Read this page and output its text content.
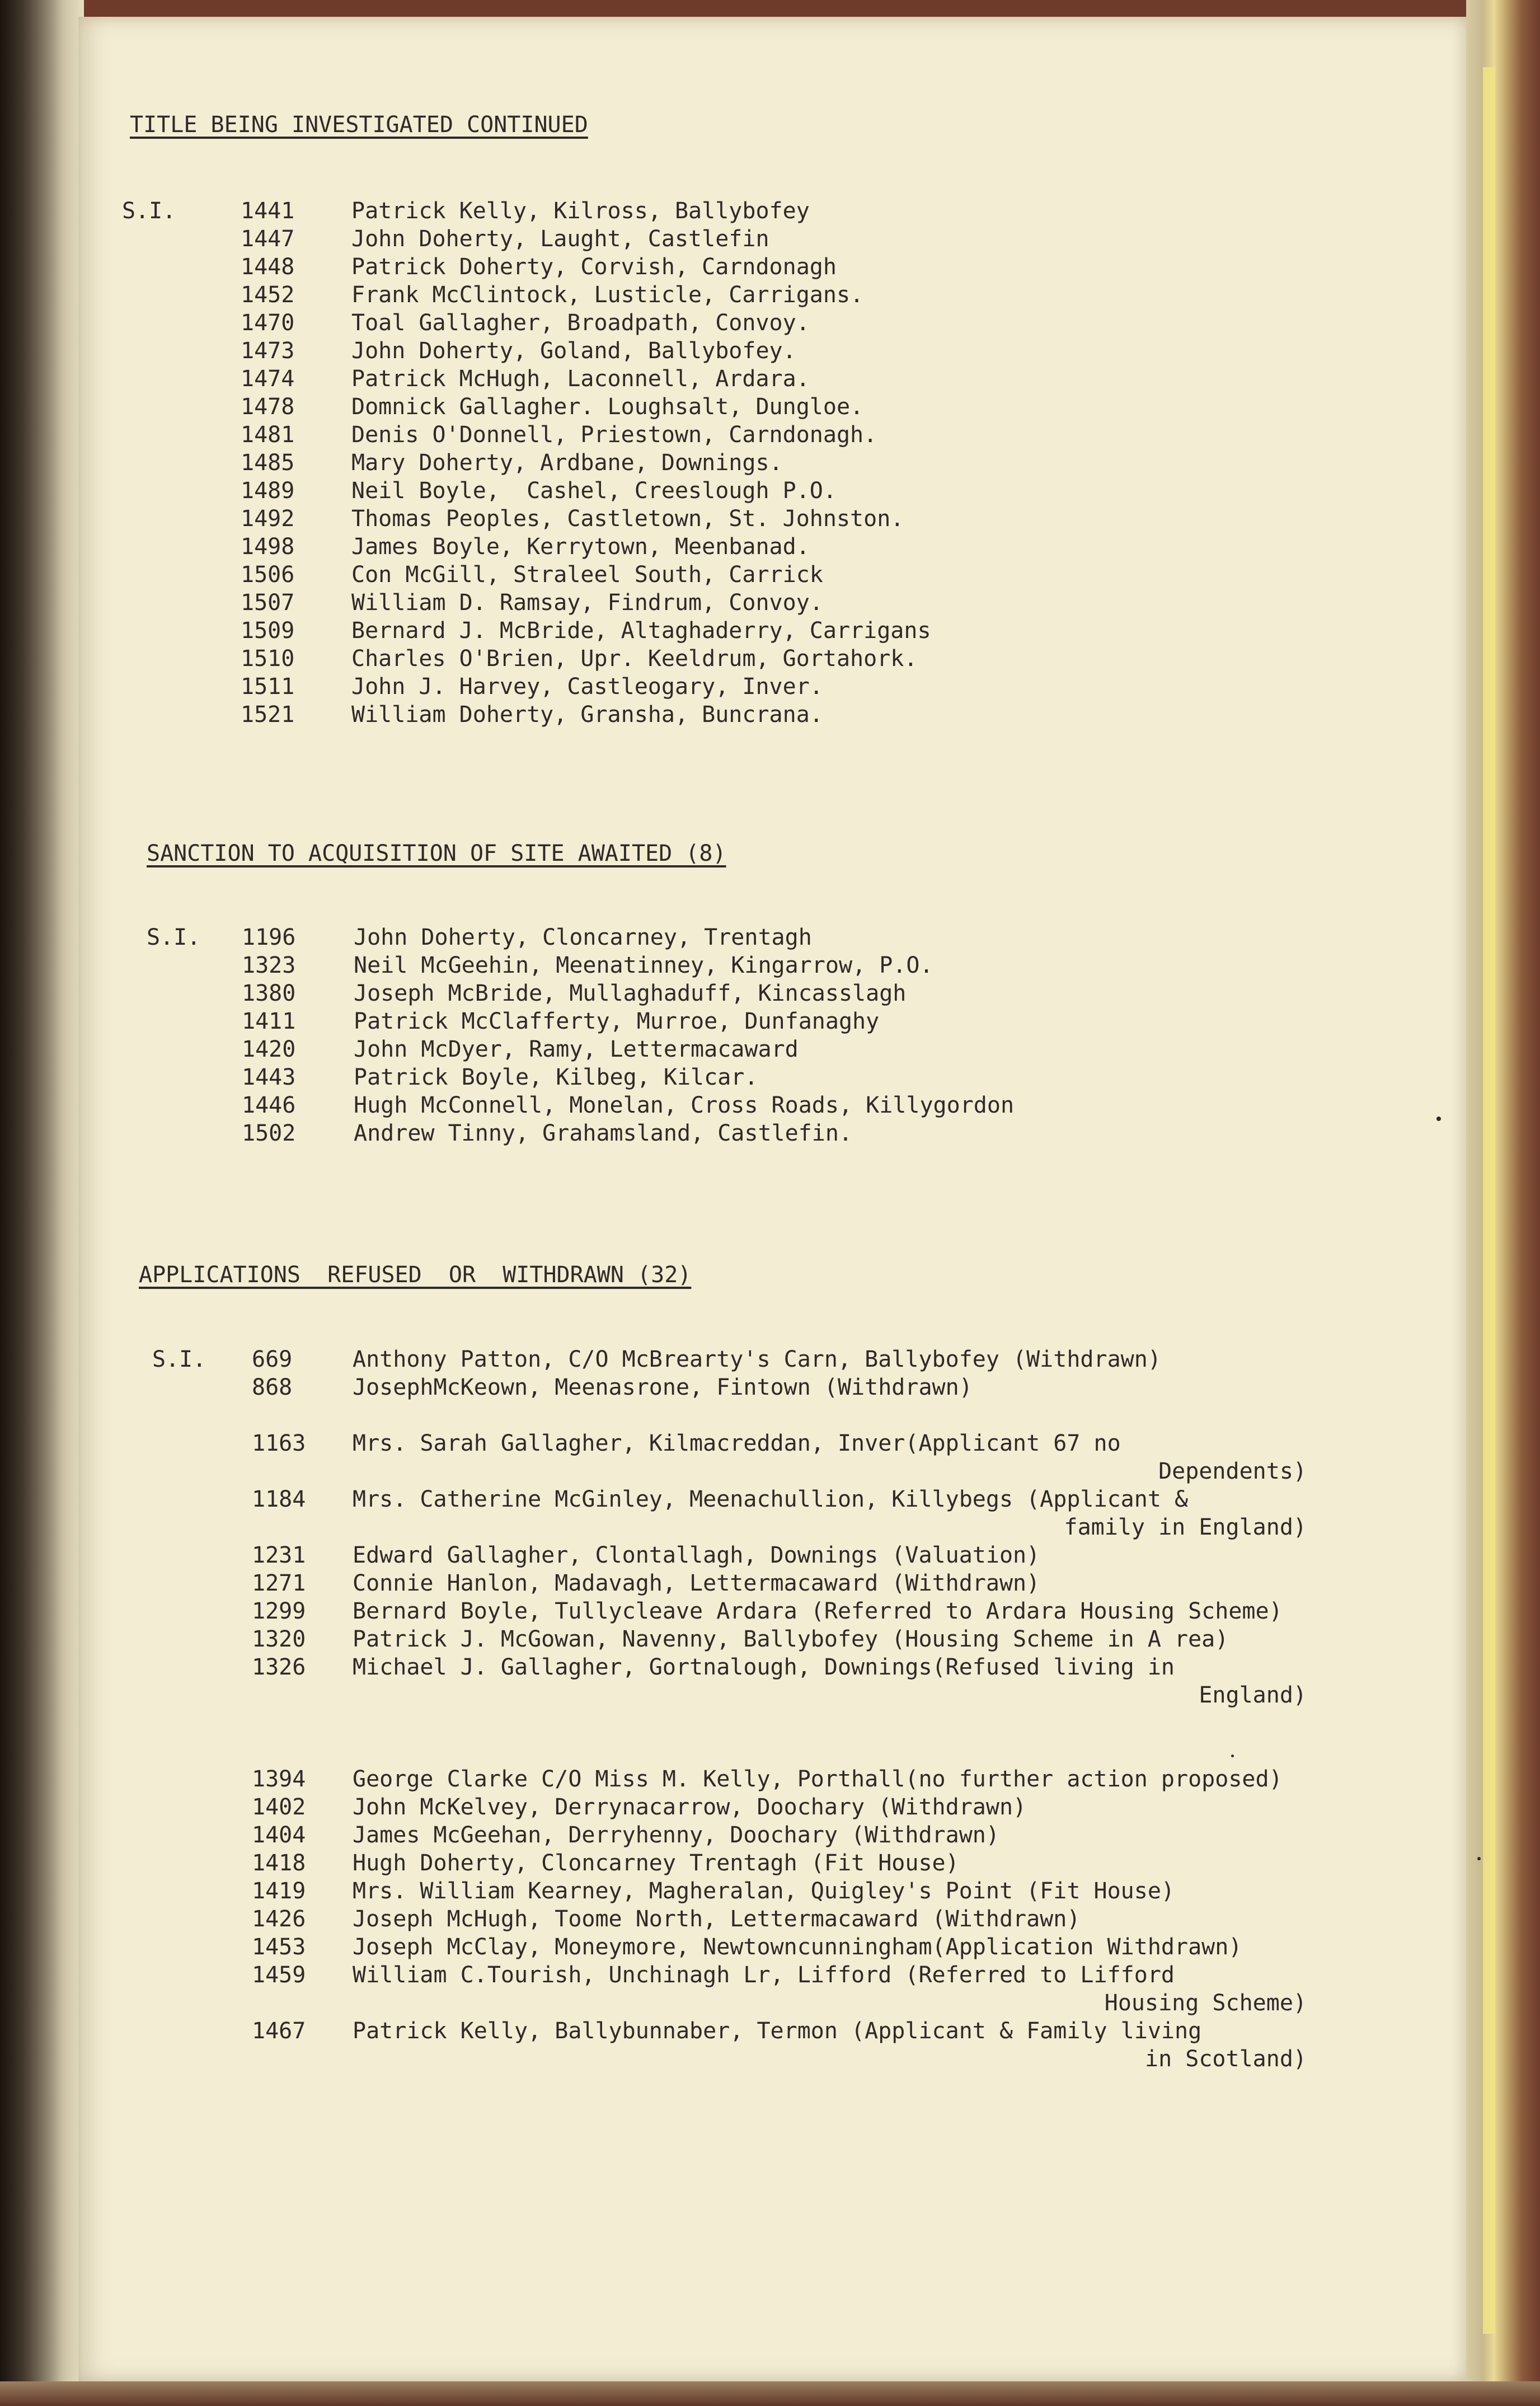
TITLE BEING INVESTIGATED CONTINUED
S.I.	1441	Patrick Kelly, Kilross, Ballybofey
1447	John Doherty, Laught, Castlefin
1448	Patrick Doherty, Corvish, Carndonagh
1452	Frank McClintock, Lusticle, Carrigans.
1470	Toal Gallagher, Broadpath, Convoy.
1473	John Doherty, Goland, Ballybofey.
1474	Patrick McHugh, Laconnell, Ardara.
1478	Domnick Gallagher. Loughsalt, Dungloe.
1481	Denis O'Donnell, Priestown, Carndonagh.
1485	Mary Doherty, Ardbane, Downings.
1489	Neil Boyle,  Cashel, Creeslough P.O.
1492	Thomas Peoples, Castletown, St. Johnston.
1498	James Boyle, Kerrytown, Meenbanad.
1506	Con McGill, Straleel South, Carrick
1507	William D. Ramsay, Findrum, Convoy.
1509	Bernard J. McBride, Altaghaderry, Carrigans
1510	Charles O'Brien, Upr. Keeldrum, Gortahork.
1511	John J. Harvey, Castleogary, Inver.
1521	William Doherty, Gransha, Buncrana.
SANCTION TO ACQUISITION OF SITE AWAITED (8)
S.I. 1196	John Doherty, Cloncarney, Trentagh
1323	Neil McGeehin, Meenatinney, Kingarrow, P.O.
1380	Joseph McBride, Mullaghaduff, Kincasslagh
1411	Patrick McClafferty, Murroe, Dunfanaghy
1420	John McDyer, Ramy, Lettermacaward
1443	Patrick Boyle, Kilbeg, Kilcar.
1446	Hugh McConnell, Monelan, Cross Roads, Killygordon
1502	Andrew Tinny, Grahamsland, Castlefin.
APPLICATIONS  REFUSED  OR  WITHDRAWN (32)
S.I. 669	Anthony Patton, C/O McBrearty's Carn, Ballybofey (Withdrawn)
868	JosephMcKeown, Meenasrone, Fintown (Withdrawn)
1163 Mrs. Sarah Gallagher, Kilmacreddan, Inver(Applicant 67 no
Dependents)
1184 Mrs. Catherine McGinley, Meenachullion, Killybegs (Applicant &
family in England)
1231 Edward Gallagher, Clontallagh, Downings (Valuation)
1271 Connie Hanlon, Madavagh, Lettermacaward (Withdrawn)
1299 Bernard Boyle, Tullycleave Ardara (Referred to Ardara Housing Scheme)
1320 Patrick J. McGowan, Navenny, Ballybofey (Housing Scheme in A rea)
1326 Michael J. Gallagher, Gortnalough, Downings(Refused living in
England)
1394 George Clarke C/O Miss M. Kelly, Porthall(no further action proposed)
1402 John McKelvey, Derrynacarrow, Doochary (Withdrawn)
1404 James McGeehan, Derryhenny, Doochary (Withdrawn)
1418 Hugh Doherty, Cloncarney Trentagh (Fit House)
1419 Mrs. William Kearney, Magheralan, Quigley's Point (Fit House)
1426 Joseph McHugh, Toome North, Lettermacaward (Withdrawn)
1453 Joseph McClay, Moneymore, Newtowncunningham(Application Withdrawn)
1459 William C.Tourish, Unchinagh Lr, Lifford (Referred to Lifford
Housing Scheme)
1467 Patrick Kelly, Ballybunnaber, Termon (Applicant & Family living
in Scotland)
